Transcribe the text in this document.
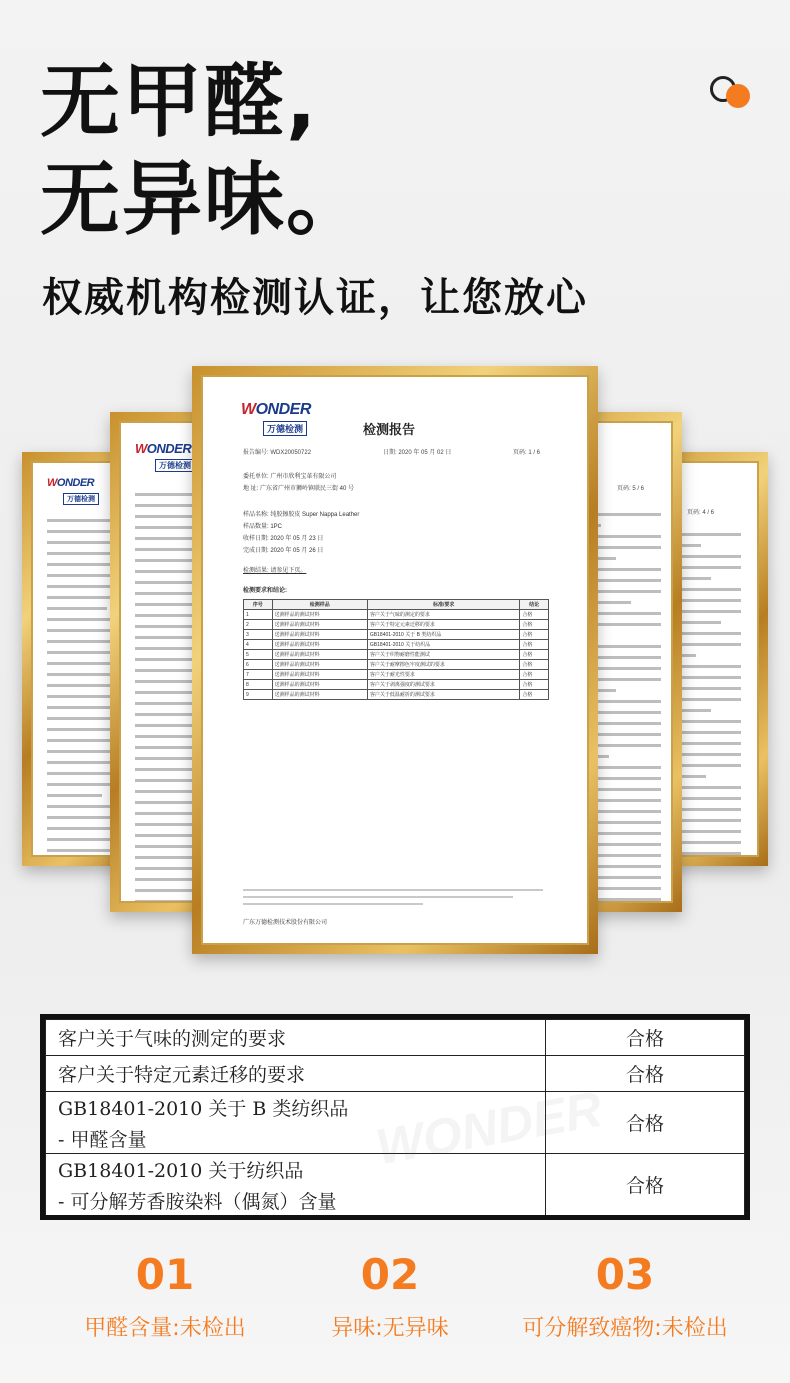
无甲醛,
无异味。
权威机构检测认证，让您放心
WONDER
万德检测
页码: 4 / 6
WONDER
万德检测
页码: 5 / 6
WONDER
万德检测	检测报告
报告编号: WDX20050722	日期: 2020 年 05 月 02 日	页码: 1 / 6
委托单位: 广州市欣利宝革有限公司
地 址: 广东省广州市狮岭镇联民三街 40 号
样品名称: 纯胶擦胶皮 Super Nappa Leather
样品数量: 1PC
收样日期: 2020 年 05 月 23 日
完成日期: 2020 年 05 月 26 日
检测结果: 请参见下页。
检测要求和结论:
序号	检测样品	标准/要求	结论
1	送测样品的测试材料	客户关于气味的测定的要求	合格
2	送测样品的测试材料	客户关于特定元素迁移的要求	合格
3	送测样品的测试材料	GB18401-2010 关于 B 类纺织品	合格
4	送测样品的测试材料	GB18401-2010 关于纺织品	合格
5	送测样品的测试材料	客户关于织物耐磨性能测试	合格
6	送测样品的测试材料	客户关于耐摩擦色牢度测试的要求	合格
7	送测样品的测试材料	客户关于耐光性要求	合格
8	送测样品的测试材料	客户关于剥离强度的测试要求	合格
9	送测样品的测试材料	客户关于低温耐折的测试要求	合格
广东万德检测技术股份有限公司
WONDER
客户关于气味的测定的要求	合格
客户关于特定元素迁移的要求	合格
GB18401-2010 关于 B 类纺织品
- 甲醛含量	合格
GB18401-2010 关于纺织品
- 可分解芳香胺染料（偶氮）含量	合格
01
甲醛含量:未检出
02
异味:无异味
03
可分解致癌物:未检出
